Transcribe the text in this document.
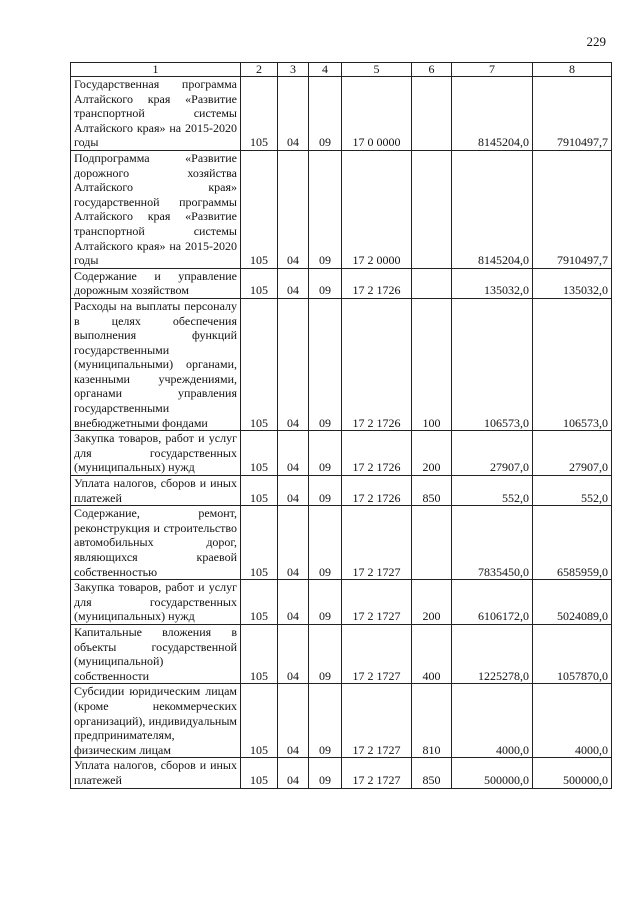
229
1	2	3	4	5	6	7	8
Государственная программа Алтайского края «Развитие транспортной системы Алтайского края» на 2015-2020 годы	105	04	09	17 0 0000		8145204,0	7910497,7
Подпрограмма «Развитие дорожного хозяйства Алтайского края» государственной программы Алтайского края «Развитие транспортной системы Алтайского края» на 2015-2020 годы	105	04	09	17 2 0000		8145204,0	7910497,7
Содержание и управление дорожным хозяйством	105	04	09	17 2 1726		135032,0	135032,0
Расходы на выплаты персоналу в целях обеспечения выполнения функций государственными (муниципальными) органами, казенными учреждениями, органами управления государственными внебюджетными фондами	105	04	09	17 2 1726	100	106573,0	106573,0
Закупка товаров, работ и услуг для государственных (муниципальных) нужд	105	04	09	17 2 1726	200	27907,0	27907,0
Уплата налогов, сборов и иных платежей	105	04	09	17 2 1726	850	552,0	552,0
Содержание, ремонт, реконструкция и строительство автомобильных дорог, являющихся краевой собственностью	105	04	09	17 2 1727		7835450,0	6585959,0
Закупка товаров, работ и услуг для государственных (муниципальных) нужд	105	04	09	17 2 1727	200	6106172,0	5024089,0
Капитальные вложения в объекты государственной (муниципальной) собственности	105	04	09	17 2 1727	400	1225278,0	1057870,0
Субсидии юридическим лицам (кроме некоммерческих организаций), индивидуальным предпринимателям, физическим лицам	105	04	09	17 2 1727	810	4000,0	4000,0
Уплата налогов, сборов и иных платежей	105	04	09	17 2 1727	850	500000,0	500000,0
